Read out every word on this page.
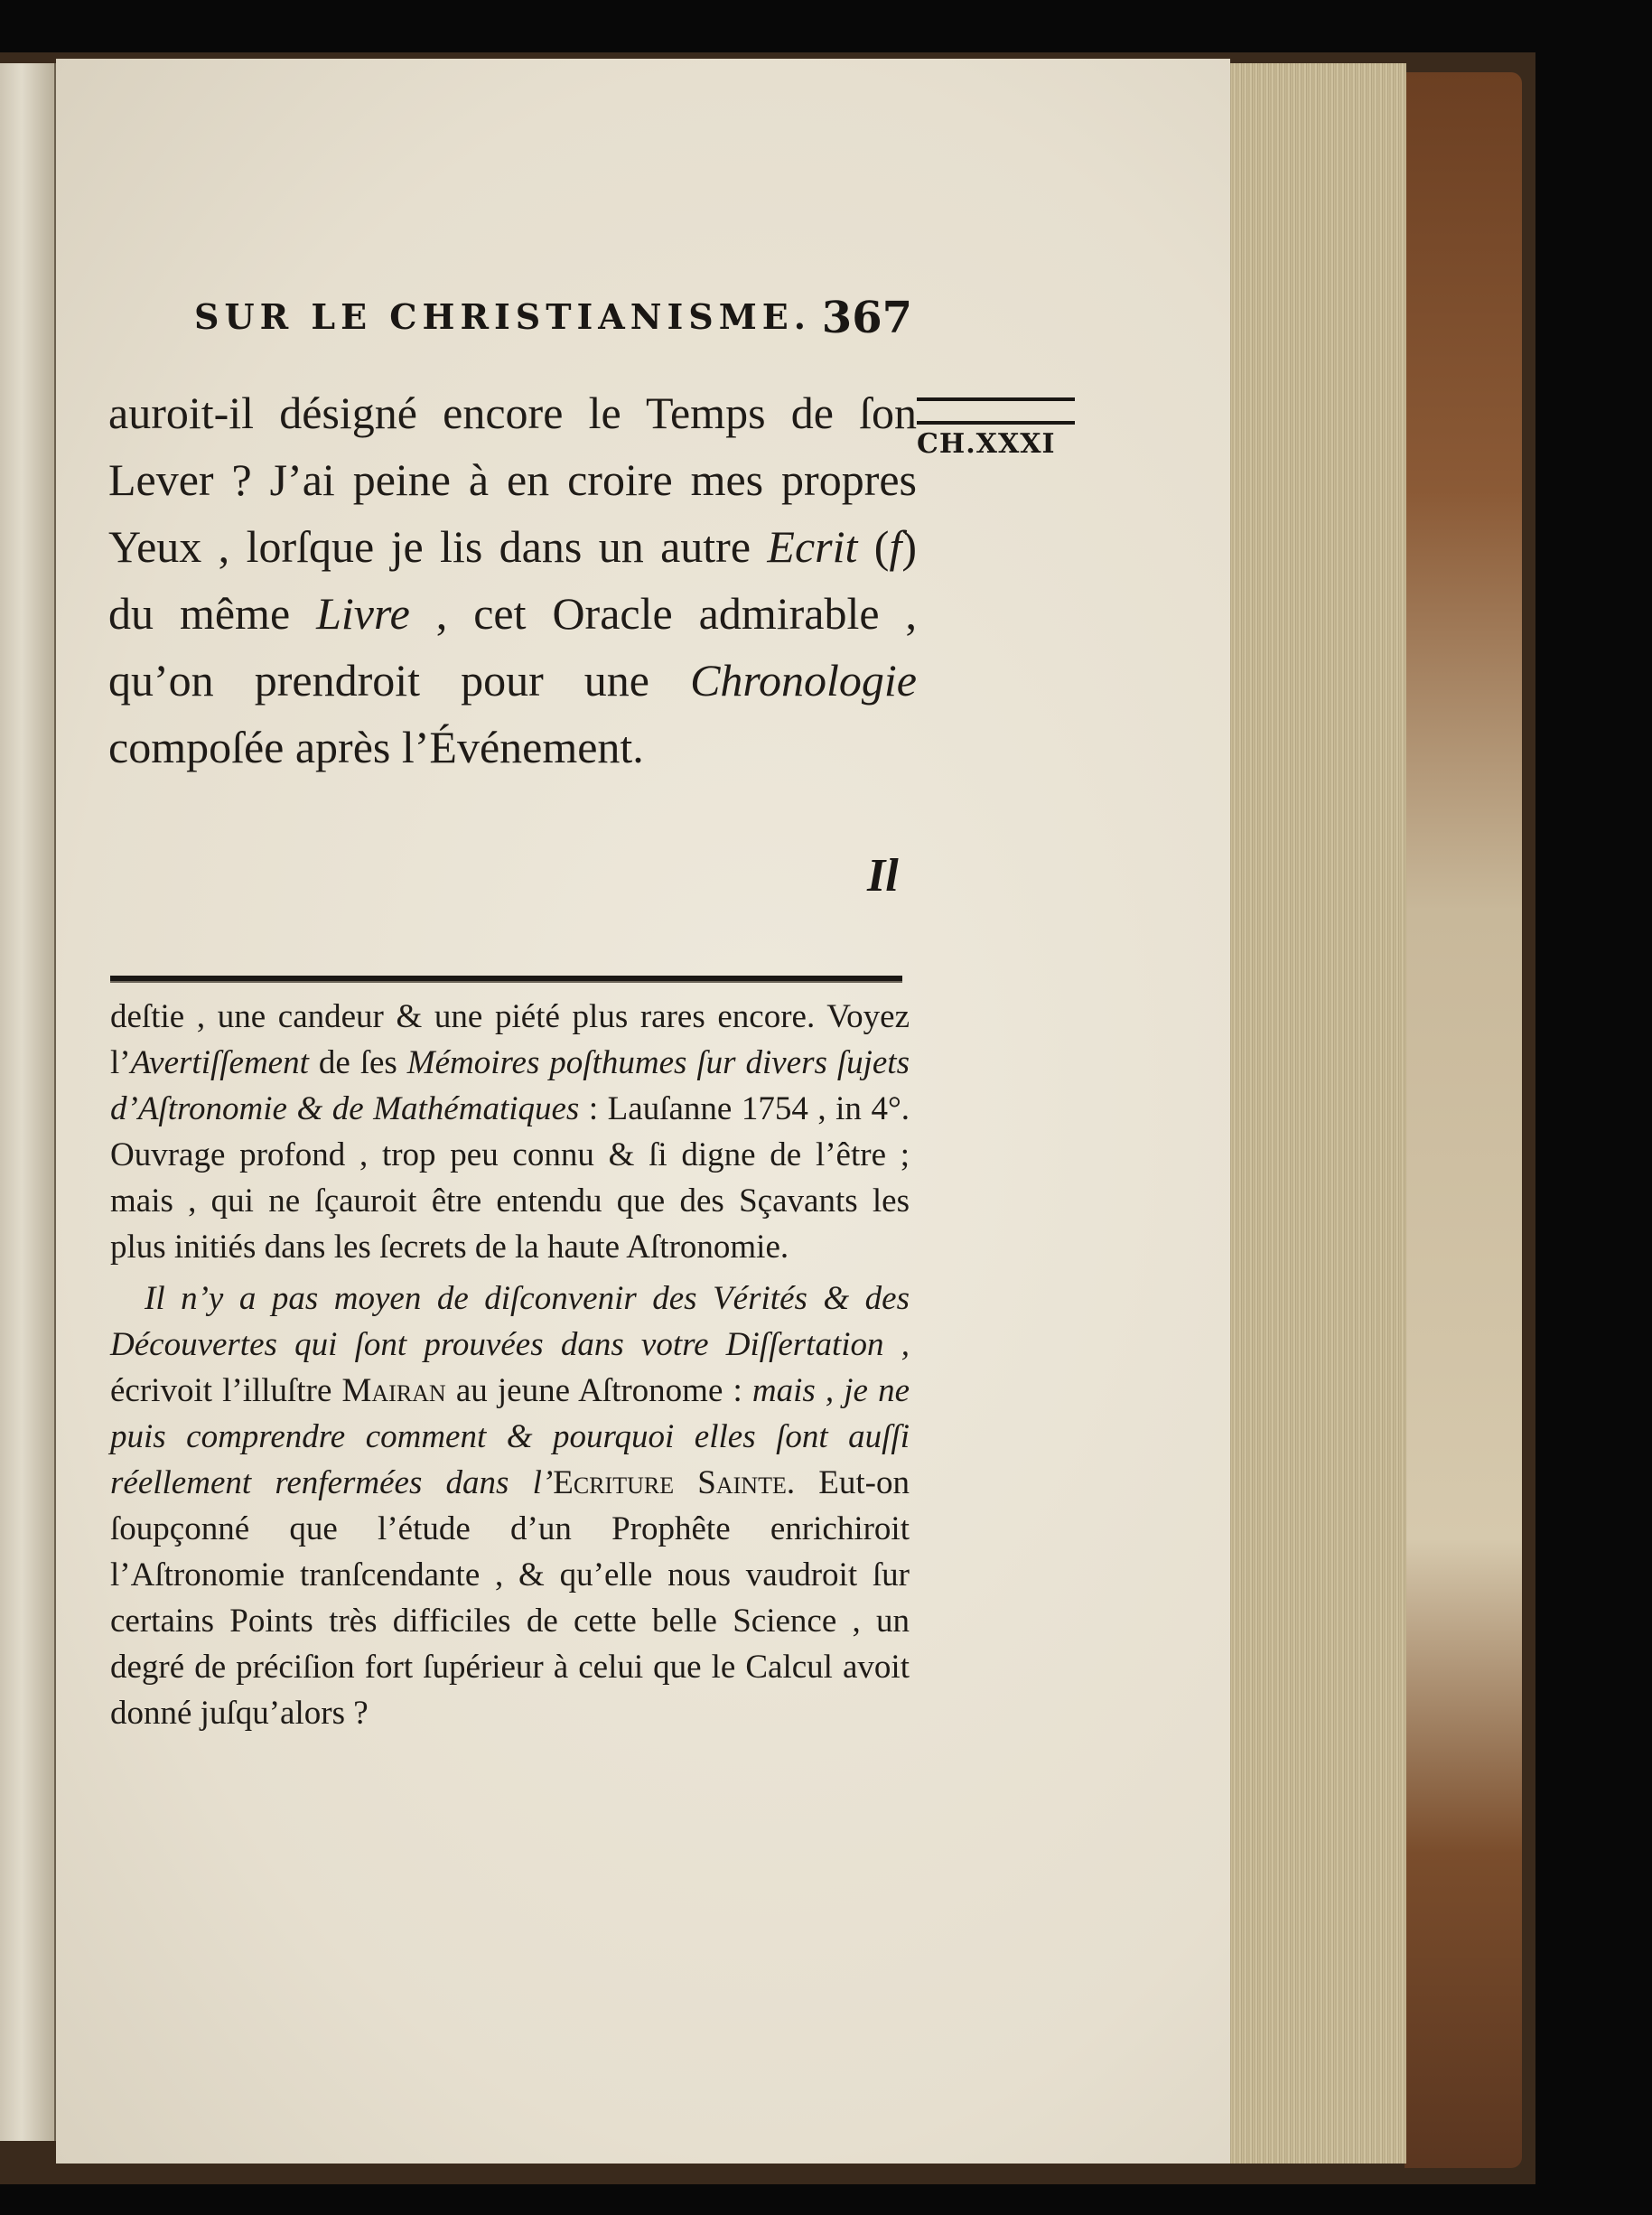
SUR LE CHRISTIANISME. 367
CH.XXXI

auroit-il désigné encore le Temps de ſon Lever ? J’ai peine à en croire mes propres Yeux , lorſque je lis dans un autre Ecrit (f) du même Livre , cet Oracle admirable , qu’on prendroit pour une Chronologie compoſée après l’Événement.

Il

deſtie , une candeur & une piété plus rares encore. Voyez l’Avertiſſement de ſes Mémoires poſthumes ſur divers ſujets d’Aſtronomie & de Mathématiques : Lauſanne 1754 , in 4°. Ouvrage profond , trop peu connu & ſi digne de l’être ; mais , qui ne ſçauroit être entendu que des Sçavants les plus initiés dans les ſecrets de la haute Aſtronomie.

Il n’y a pas moyen de diſconvenir des Vérités & des Découvertes qui ſont prouvées dans votre Diſſertation , écrivoit l’illuſtre Mairan au jeune Aſtronome : mais , je ne puis comprendre comment & pourquoi elles ſont auſſi réellement renfermées dans l’Ecriture Sainte. Eut-on ſoupçonné que l’étude d’un Prophête enrichiroit l’Aſtronomie tranſcendante , & qu’elle nous vaudroit ſur certains Points très difficiles de cette belle Science , un degré de préciſion fort ſupérieur à celui que le Calcul avoit donné juſqu’alors ?
